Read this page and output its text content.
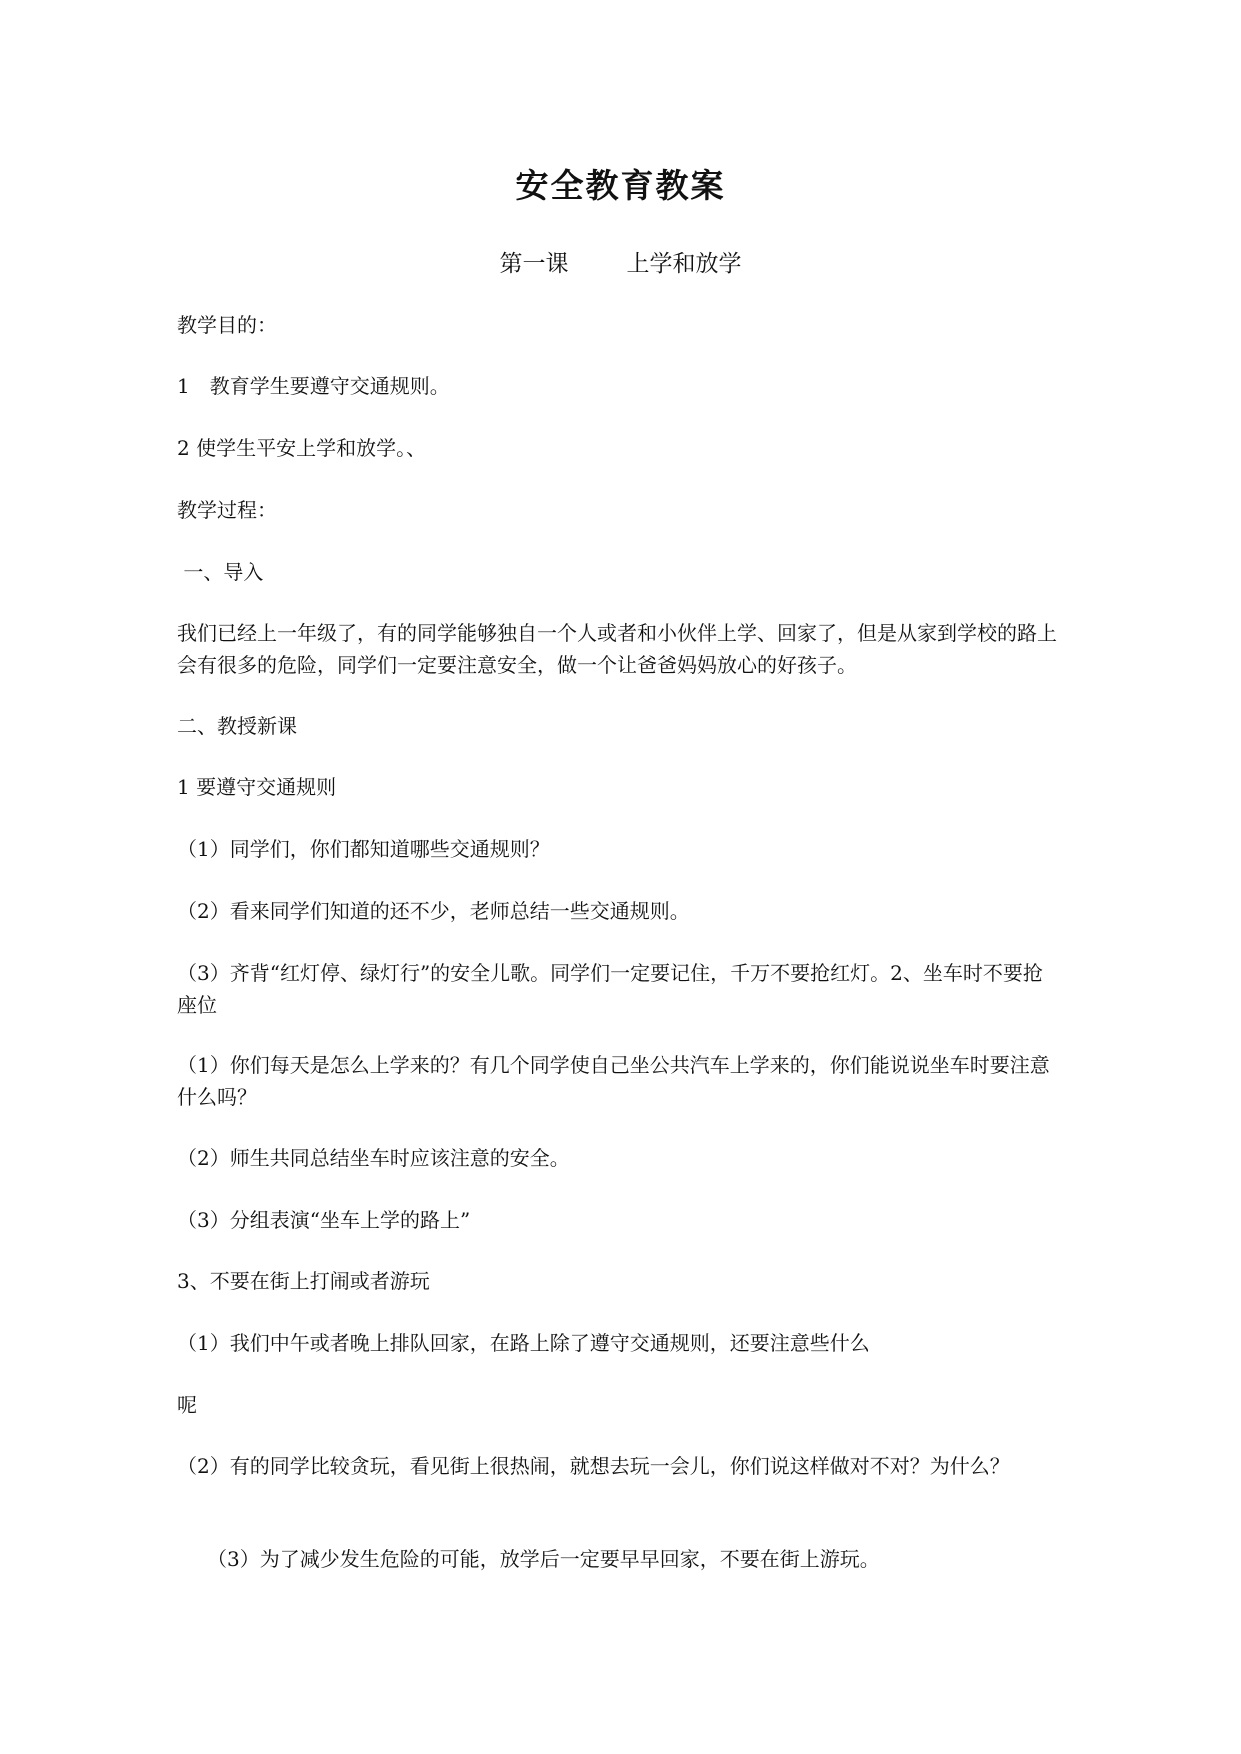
安全教育教案
第一课	上学和放学
教学目的：
1　教育学生要遵守交通规则。
2 使学生平安上学和放学。、
教学过程：
一、导入
我们已经上一年级了，有的同学能够独自一个人或者和小伙伴上学、回家了，但是从家到学校的路上会有很多的危险，同学们一定要注意安全，做一个让爸爸妈妈放心的好孩子。
二、教授新课
1 要遵守交通规则
（1）同学们，你们都知道哪些交通规则？
（2）看来同学们知道的还不少，老师总结一些交通规则。
（3）齐背“红灯停、绿灯行”的安全儿歌。同学们一定要记住，千万不要抢红灯。2、坐车时不要抢座位
（1）你们每天是怎么上学来的？有几个同学使自己坐公共汽车上学来的，你们能说说坐车时要注意什么吗？
（2）师生共同总结坐车时应该注意的安全。
（3）分组表演“坐车上学的路上”
3、不要在街上打闹或者游玩
（1）我们中午或者晚上排队回家，在路上除了遵守交通规则，还要注意些什么
呢
（2）有的同学比较贪玩，看见街上很热闹，就想去玩一会儿，你们说这样做对不对？为什么？
（3）为了减少发生危险的可能，放学后一定要早早回家，不要在街上游玩。
